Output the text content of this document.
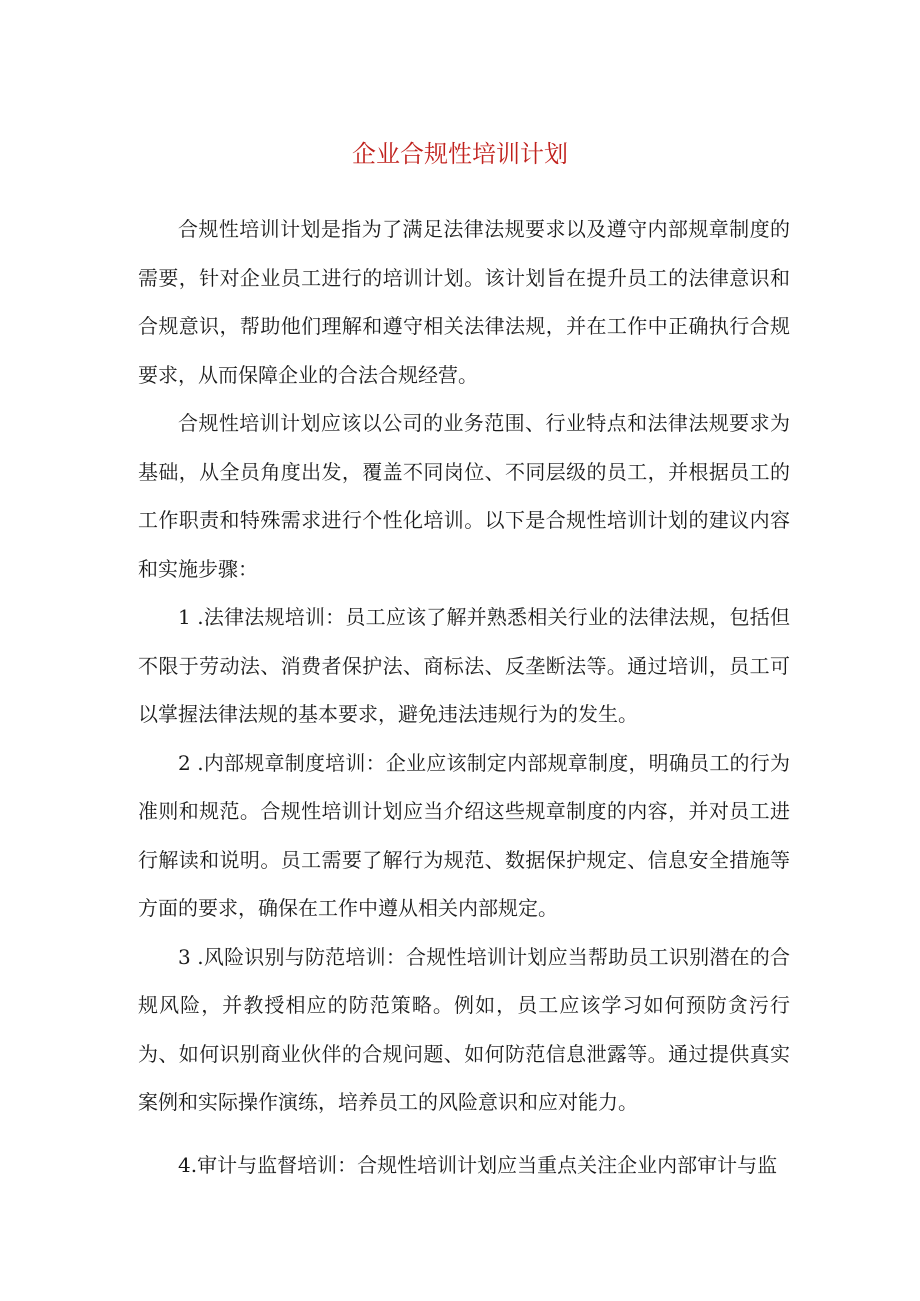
企业合规性培训计划

合规性培训计划是指为了满足法律法规要求以及遵守内部规章制度的需要，针对企业员工进行的培训计划。该计划旨在提升员工的法律意识和合规意识，帮助他们理解和遵守相关法律法规，并在工作中正确执行合规要求，从而保障企业的合法合规经营。

合规性培训计划应该以公司的业务范围、行业特点和法律法规要求为基础，从全员角度出发，覆盖不同岗位、不同层级的员工，并根据员工的工作职责和特殊需求进行个性化培训。以下是合规性培训计划的建议内容和实施步骤：

1 .法律法规培训：员工应该了解并熟悉相关行业的法律法规，包括但不限于劳动法、消费者保护法、商标法、反垄断法等。通过培训，员工可以掌握法律法规的基本要求，避免违法违规行为的发生。

2 .内部规章制度培训：企业应该制定内部规章制度，明确员工的行为准则和规范。合规性培训计划应当介绍这些规章制度的内容，并对员工进行解读和说明。员工需要了解行为规范、数据保护规定、信息安全措施等方面的要求，确保在工作中遵从相关内部规定。

3 .风险识别与防范培训：合规性培训计划应当帮助员工识别潜在的合规风险，并教授相应的防范策略。例如，员工应该学习如何预防贪污行为、如何识别商业伙伴的合规问题、如何防范信息泄露等。通过提供真实案例和实际操作演练，培养员工的风险意识和应对能力。

4.审计与监督培训：合规性培训计划应当重点关注企业内部审计与监
